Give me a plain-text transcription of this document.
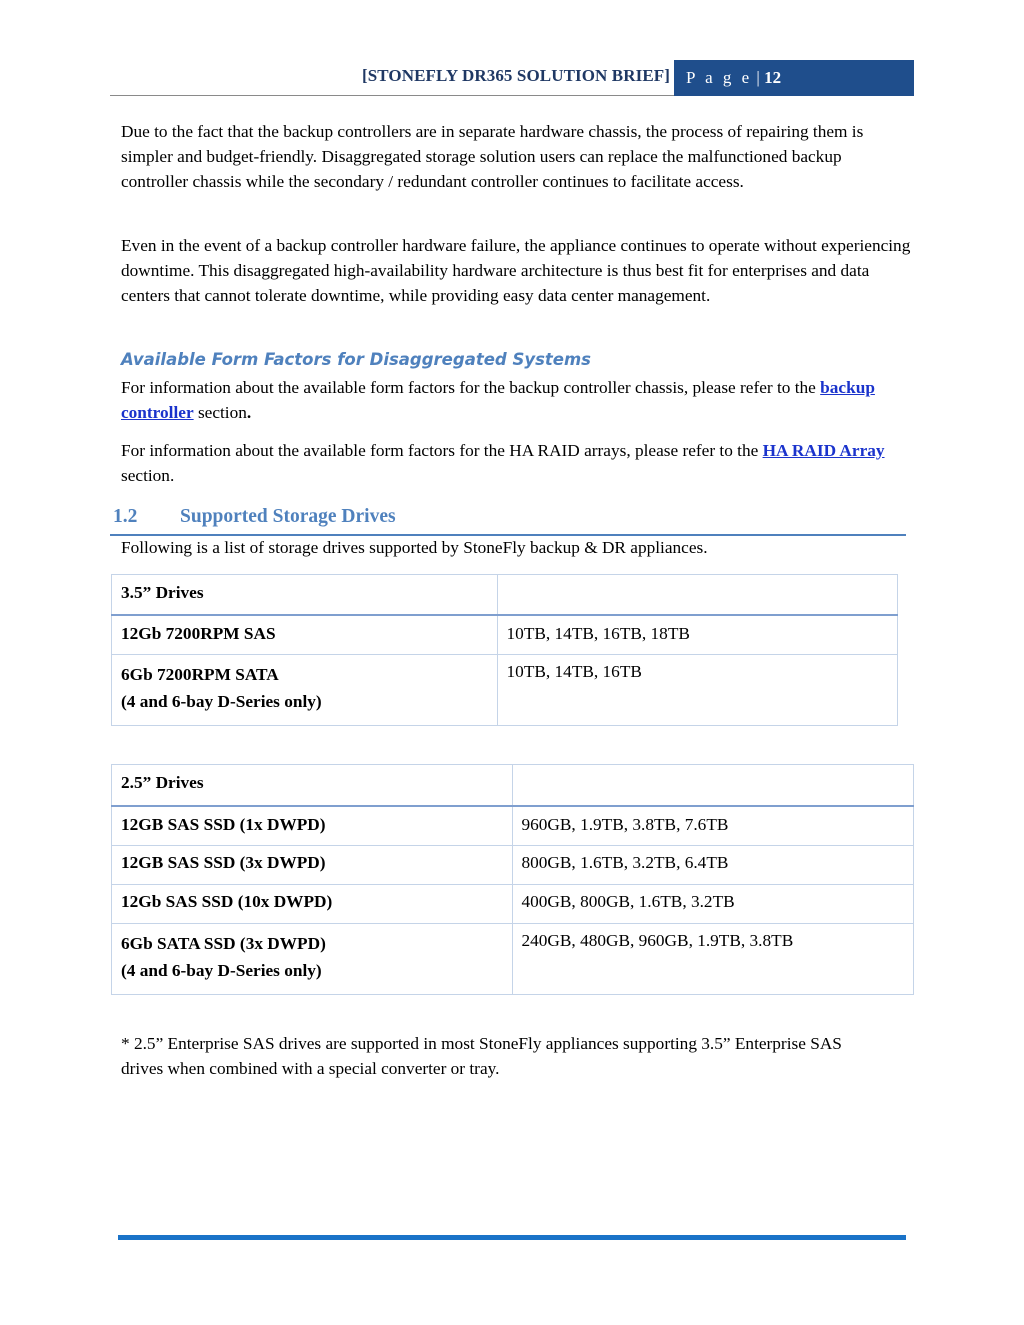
[STONEFLY DR365 SOLUTION BRIEF] P a g e | 12

Due to the fact that the backup controllers are in separate hardware chassis, the process of repairing them is simpler and budget-friendly. Disaggregated storage solution users can replace the malfunctioned backup controller chassis while the secondary / redundant controller continues to facilitate access.

Even in the event of a backup controller hardware failure, the appliance continues to operate without experiencing downtime. This disaggregated high-availability hardware architecture is thus best fit for enterprises and data centers that cannot tolerate downtime, while providing easy data center management.

Available Form Factors for Disaggregated Systems

For information about the available form factors for the backup controller chassis, please refer to the backup controller section.

For information about the available form factors for the HA RAID arrays, please refer to the HA RAID Array section.

1.2 Supported Storage Drives

Following is a list of storage drives supported by StoneFly backup & DR appliances.

3.5” Drives	
12Gb 7200RPM SAS	10TB, 14TB, 16TB, 18TB

6Gb 7200RPM SATA
(4 and 6-bay D-Series only)	10TB, 14TB, 16TB
2.5” Drives	
12GB SAS SSD (1x DWPD)	960GB, 1.9TB, 3.8TB, 7.6TB
12GB SAS SSD (3x DWPD)	800GB, 1.6TB, 3.2TB, 6.4TB
12Gb SAS SSD (10x DWPD)	400GB, 800GB, 1.6TB, 3.2TB

6Gb SATA SSD (3x DWPD)
(4 and 6-bay D-Series only)	240GB, 480GB, 960GB, 1.9TB, 3.8TB

* 2.5” Enterprise SAS drives are supported in most StoneFly appliances supporting 3.5” Enterprise SAS drives when combined with a special converter or tray.
